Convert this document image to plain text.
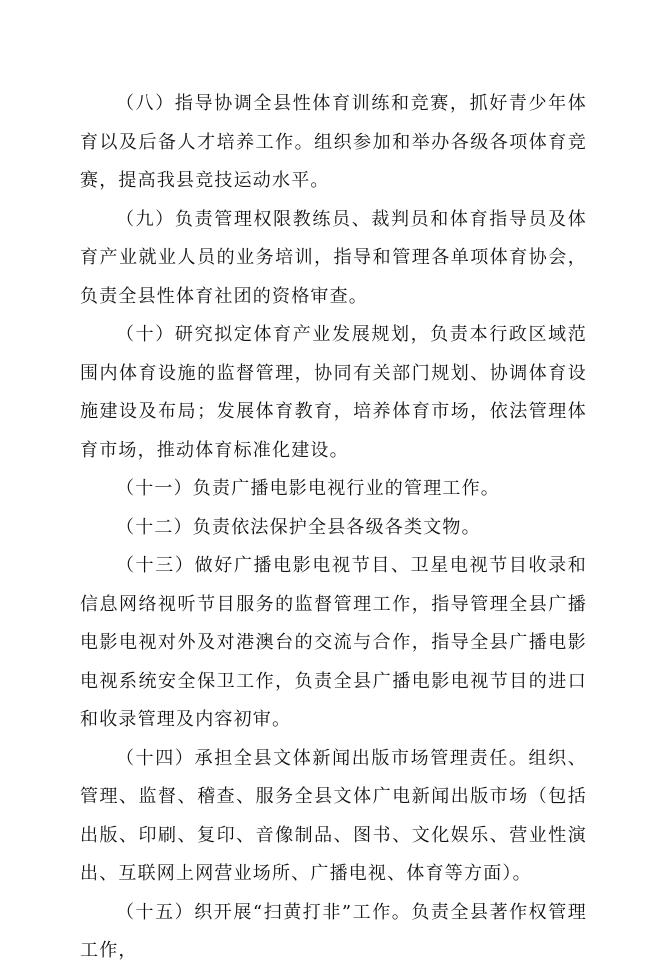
（八）指导协调全县性体育训练和竞赛，抓好青少年体育以及后备人才培养工作。组织参加和举办各级各项体育竞赛，提高我县竞技运动水平。

（九）负责管理权限教练员、裁判员和体育指导员及体育产业就业人员的业务培训，指导和管理各单项体育协会，负责全县性体育社团的资格审查。

（十）研究拟定体育产业发展规划，负责本行政区域范围内体育设施的监督管理，协同有关部门规划、协调体育设施建设及布局；发展体育教育，培养体育市场，依法管理体育市场，推动体育标准化建设。

（十一）负责广播电影电视行业的管理工作。

（十二）负责依法保护全县各级各类文物。

（十三）做好广播电影电视节目、卫星电视节目收录和信息网络视听节目服务的监督管理工作，指导管理全县广播电影电视对外及对港澳台的交流与合作，指导全县广播电影电视系统安全保卫工作，负责全县广播电影电视节目的进口和收录管理及内容初审。

（十四）承担全县文体新闻出版市场管理责任。组织、管理、监督、稽查、服务全县文体广电新闻出版市场（包括出版、印刷、复印、音像制品、图书、文化娱乐、营业性演出、互联网上网营业场所、广播电视、体育等方面）。

（十五）织开展“扫黄打非”工作。负责全县著作权管理工作，
